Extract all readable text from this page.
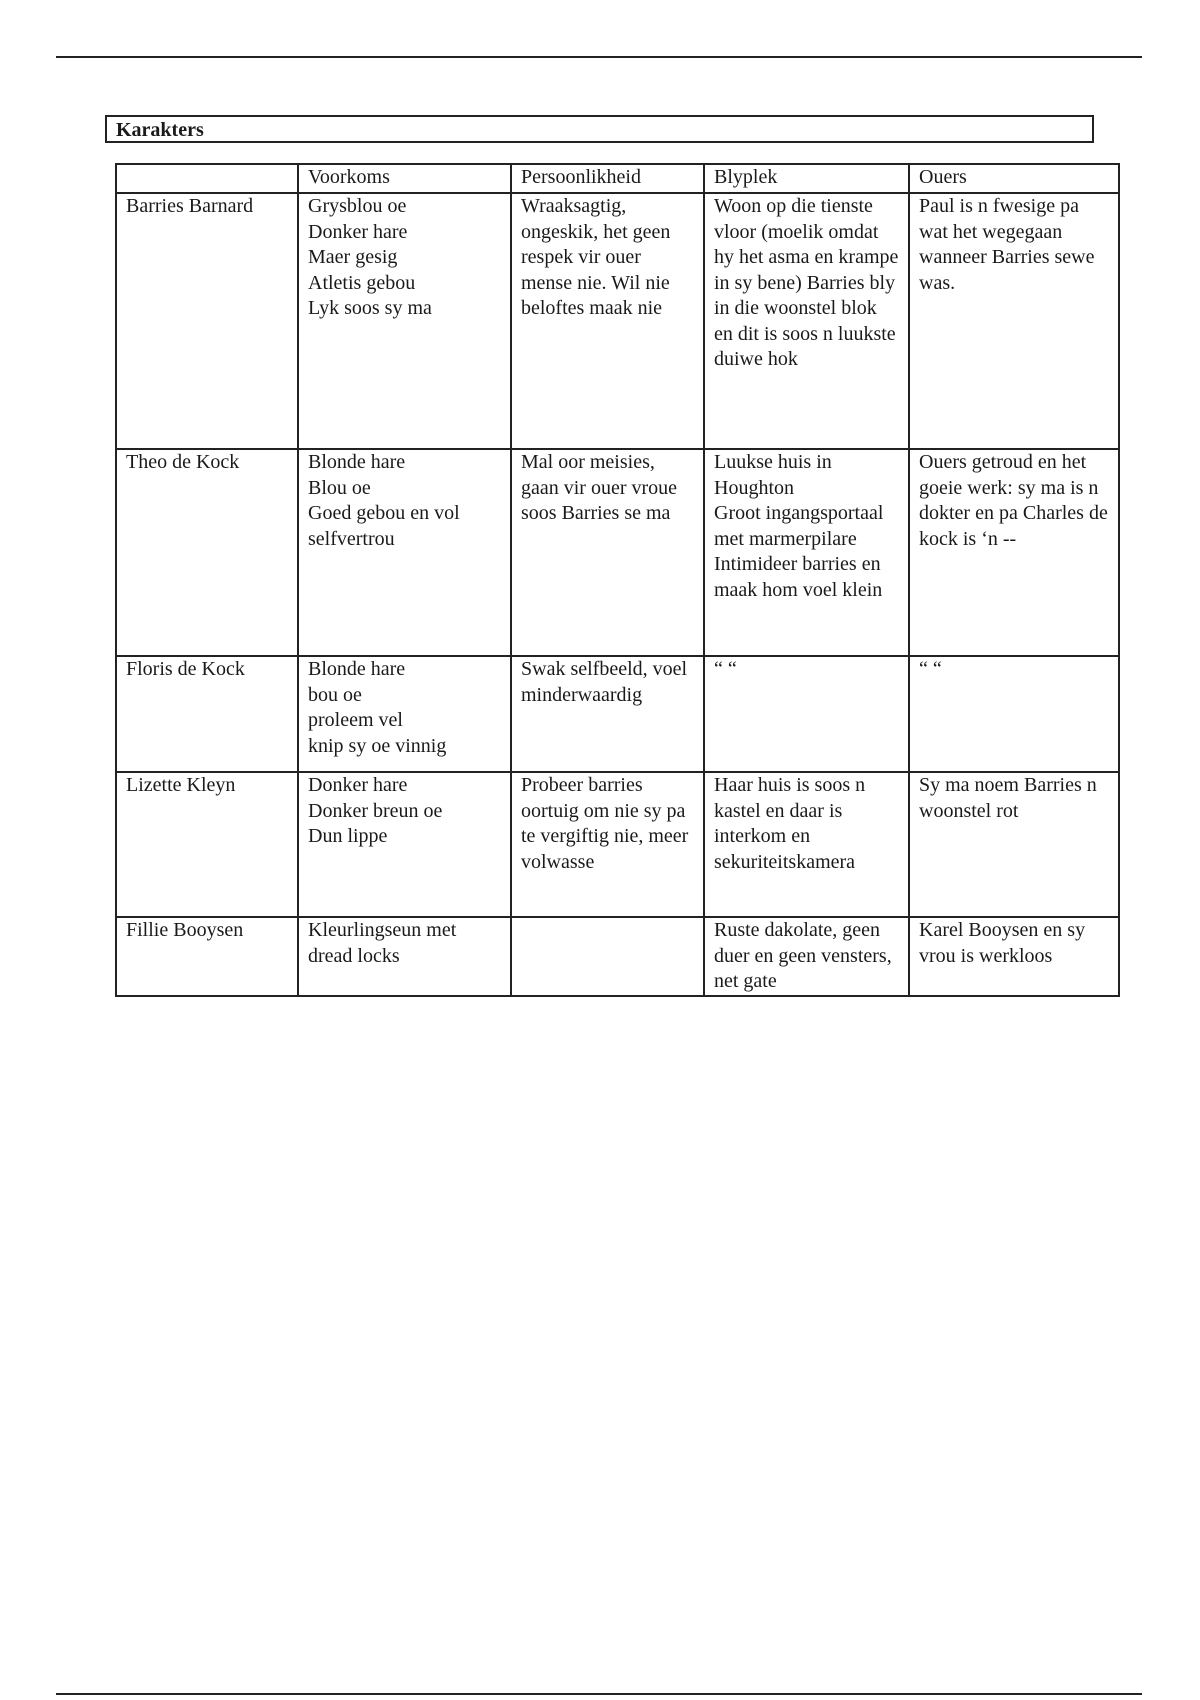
Karakters
	Voorkoms	Persoonlikheid	Blyplek	Ouers
Barries Barnard	Grysblou oe
Donker hare
Maer gesig
Atletis gebou
Lyk soos sy ma	Wraaksagtig, ongeskik, het geen respek vir ouer mense nie. Wil nie beloftes maak nie	Woon op die tienste vloor (moelik omdat hy het asma en krampe in sy bene) Barries bly in die woonstel blok en dit is soos n luukste duiwe hok	Paul is n fwesige pa wat het wegegaan wanneer Barries sewe was.
Theo de Kock	Blonde hare
Blou oe
Goed gebou en vol selfvertrou	Mal oor meisies, gaan vir ouer vroue soos Barries se ma	Luukse huis in Houghton
Groot ingangsportaal met marmerpilare
Intimideer barries en maak hom voel klein	Ouers getroud en het goeie werk: sy ma is n dokter en pa Charles de kock is ‘n --
Floris de Kock	Blonde hare
bou oe
proleem vel
knip sy oe vinnig	Swak selfbeeld, voel minderwaardig	“ “	“ “
Lizette Kleyn	Donker hare
Donker breun oe
Dun lippe	Probeer barries oortuig om nie sy pa te vergiftig nie, meer volwasse	Haar huis is soos n kastel en daar is interkom en sekuriteitskamera	Sy ma noem Barries n woonstel rot
Fillie Booysen	Kleurlingseun met dread locks		Ruste dakolate, geen duer en geen vensters, net gate	Karel Booysen en sy vrou is werkloos
